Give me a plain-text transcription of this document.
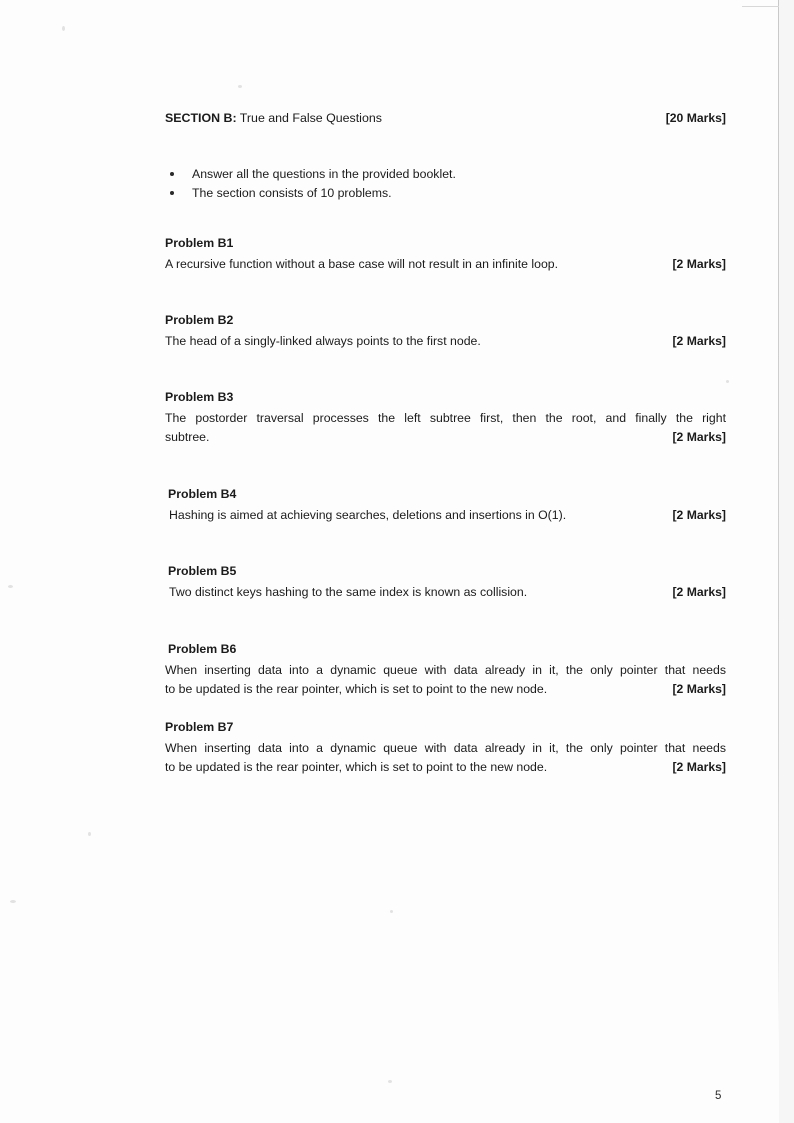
SECTION B: True and False Questions	[20 Marks]
Answer all the questions in the provided booklet.
The section consists of 10 problems.
Problem B1
A recursive function without a base case will not result in an infinite loop.	[2 Marks]
Problem B2
The head of a singly-linked always points to the first node.	[2 Marks]
Problem B3
The postorder traversal processes the left subtree first, then the root, and finally the right
subtree.	[2 Marks]
Problem B4
Hashing is aimed at achieving searches, deletions and insertions in O(1).	[2 Marks]
Problem B5
Two distinct keys hashing to the same index is known as collision.	[2 Marks]
Problem B6
When inserting data into a dynamic queue with data already in it, the only pointer that needs
to be updated is the rear pointer, which is set to point to the new node.	[2 Marks]
Problem B7
When inserting data into a dynamic queue with data already in it, the only pointer that needs
to be updated is the rear pointer, which is set to point to the new node.	[2 Marks]
5
